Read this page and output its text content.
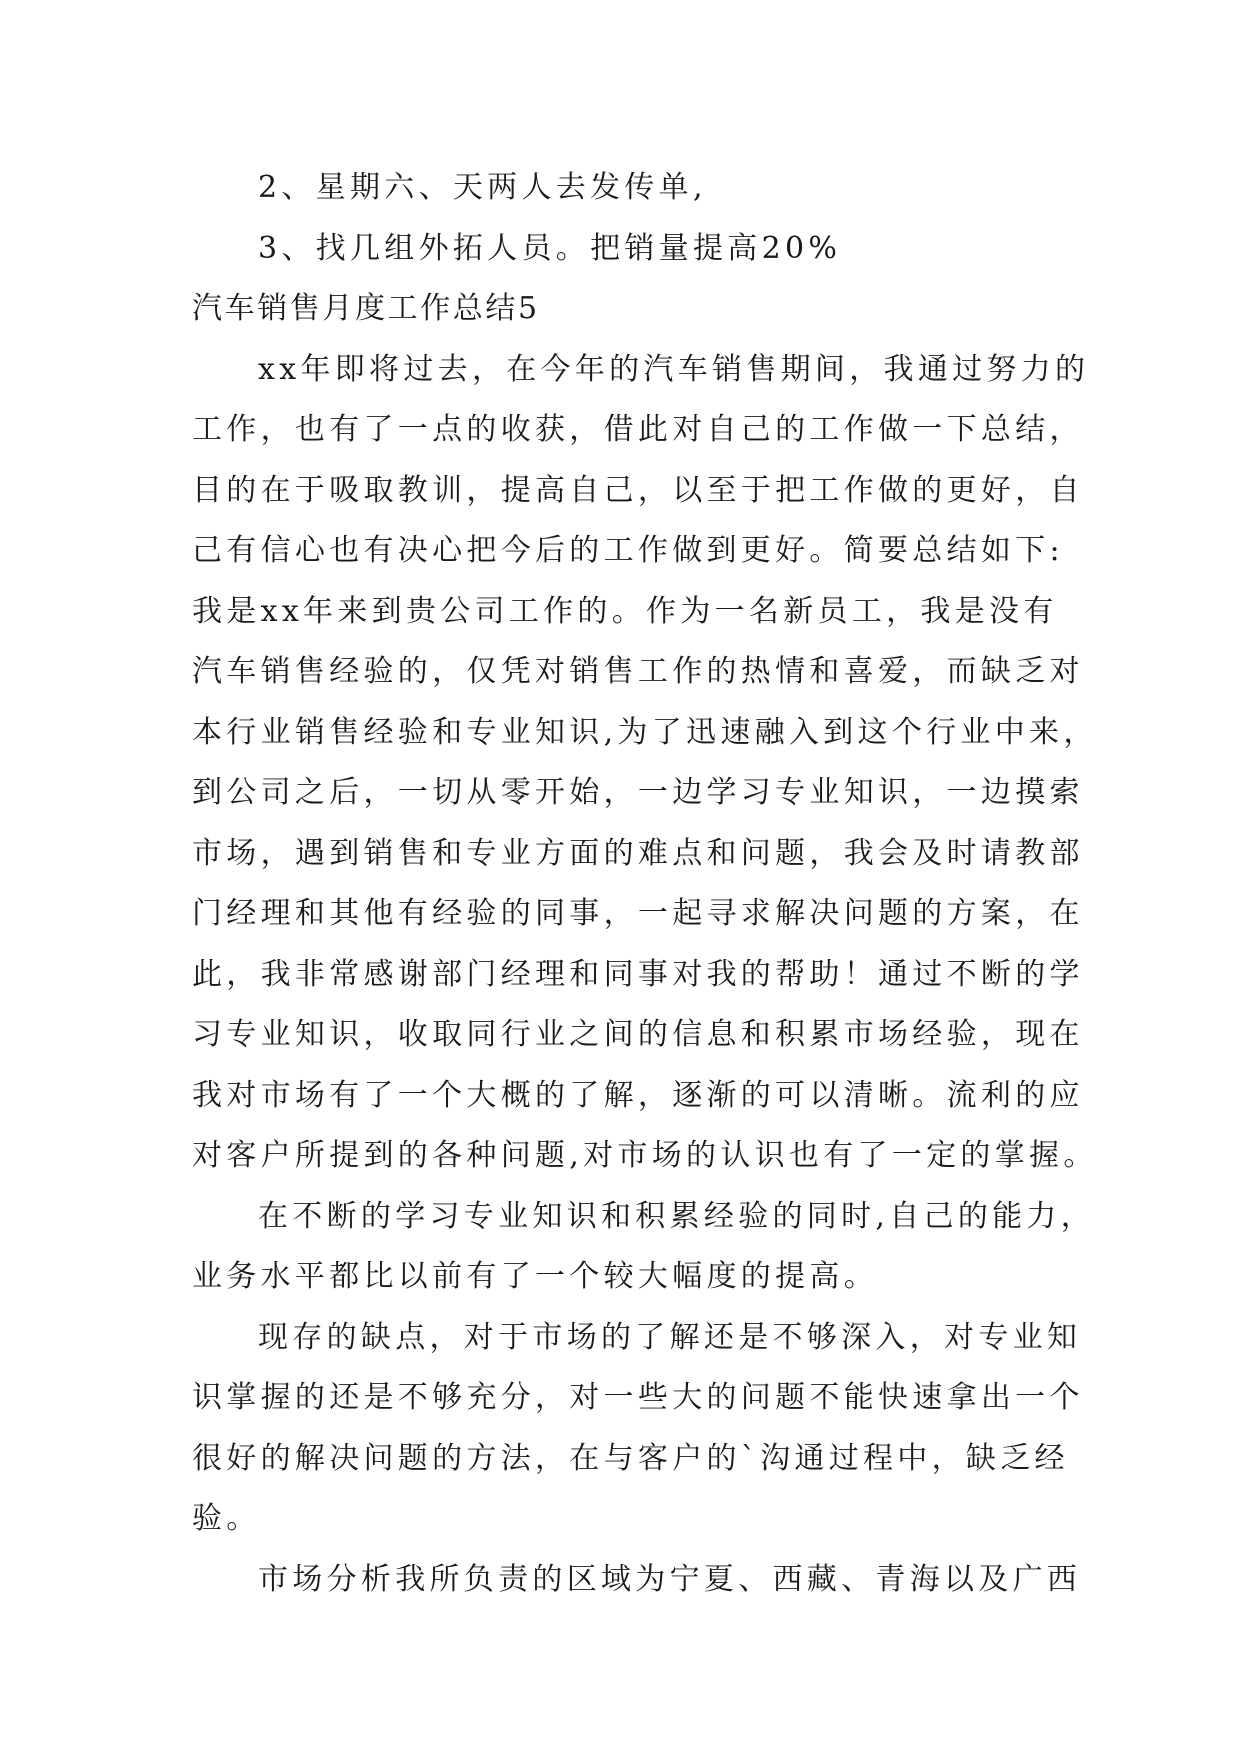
2、星期六、天两人去发传单,
3、找几组外拓人员。把销量提高20%
汽车销售月度工作总结5
xx年即将过去，在今年的汽车销售期间，我通过努力的
工作，也有了一点的收获，借此对自己的工作做一下总结，
目的在于吸取教训，提高自己，以至于把工作做的更好，自
己有信心也有决心把今后的工作做到更好。简要总结如下:
我是xx年来到贵公司工作的。作为一名新员工，我是没有
汽车销售经验的，仅凭对销售工作的热情和喜爱，而缺乏对
本行业销售经验和专业知识,为了迅速融入到这个行业中来，
到公司之后，一切从零开始，一边学习专业知识，一边摸索
市场，遇到销售和专业方面的难点和问题，我会及时请教部
门经理和其他有经验的同事，一起寻求解决问题的方案，在
此，我非常感谢部门经理和同事对我的帮助！通过不断的学
习专业知识，收取同行业之间的信息和积累市场经验，现在
我对市场有了一个大概的了解，逐渐的可以清晰。流利的应
对客户所提到的各种问题,对市场的认识也有了一定的掌握。
在不断的学习专业知识和积累经验的同时,自己的能力，
业务水平都比以前有了一个较大幅度的提高。
现存的缺点，对于市场的了解还是不够深入，对专业知
识掌握的还是不够充分，对一些大的问题不能快速拿出一个
很好的解决问题的方法，在与客户的`沟通过程中，缺乏经
验。
市场分析我所负责的区域为宁夏、西藏、青海以及广西
